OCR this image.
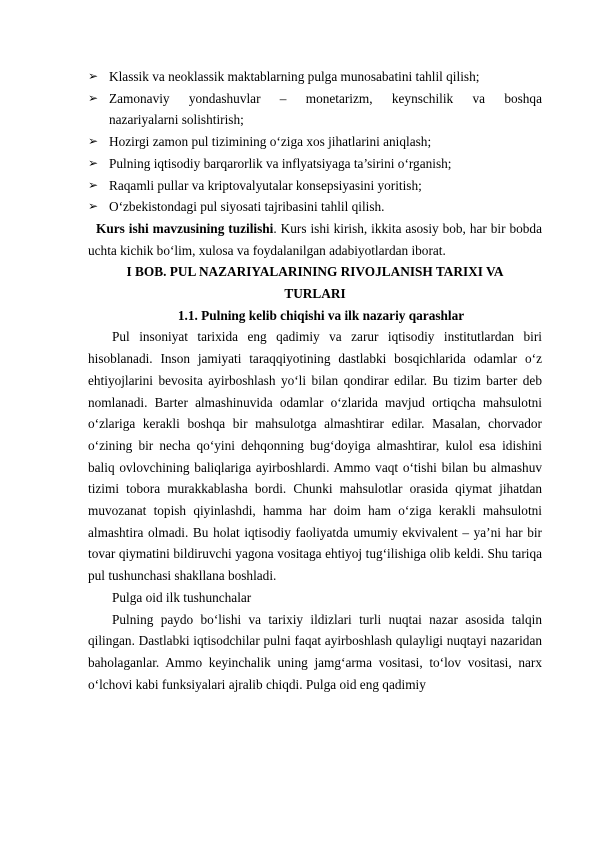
➢ Klassik va neoklassik maktablarning pulga munosabatini tahlil qilish;
➢ Zamonaviy yondashuvlar – monetarizm, keynschilik va boshqa
nazariyalarni solishtirish;
➢ Hozirgi zamon pul tizimining o‘ziga xos jihatlarini aniqlash;
➢ Pulning iqtisodiy barqarorlik va inflyatsiyaga ta’sirini o‘rganish;
➢ Raqamli pullar va kriptovalyutalar konsepsiyasini yoritish;
➢ O‘zbekistondagi pul siyosati tajribasini tahlil qilish.

Kurs ishi mavzusining tuzilishi. Kurs ishi kirish, ikkita asosiy bob, har bir bobda uchta kichik bo‘lim, xulosa va foydalanilgan adabiyotlardan iborat.

I BOB. PUL NAZARIYALARINING RIVOJLANISH TARIXI VA
TURLARI

1.1. Pulning kelib chiqishi va ilk nazariy qarashlar

Pul insoniyat tarixida eng qadimiy va zarur iqtisodiy institutlardan biri hisoblanadi. Inson jamiyati taraqqiyotining dastlabki bosqichlarida odamlar o‘z ehtiyojlarini bevosita ayirboshlash yo‘li bilan qondirar edilar. Bu tizim barter deb nomlanadi. Barter almashinuvida odamlar o‘zlarida mavjud ortiqcha mahsulotni o‘zlariga kerakli boshqa bir mahsulotga almashtirar edilar. Masalan, chorvador o‘zining bir necha qo‘yini dehqonning bug‘doyiga almashtirar, kulol esa idishini baliq ovlovchining baliqlariga ayirboshlardi. Ammo vaqt o‘tishi bilan bu almashuv tizimi tobora murakkablasha bordi. Chunki mahsulotlar orasida qiymat jihatdan muvozanat topish qiyinlashdi, hamma har doim ham o‘ziga kerakli mahsulotni almashtira olmadi. Bu holat iqtisodiy faoliyatda umumiy ekvivalent – ya’ni har bir tovar qiymatini bildiruvchi yagona vositaga ehtiyoj tug‘ilishiga olib keldi. Shu tariqa pul tushunchasi shakllana boshladi.

Pulga oid ilk tushunchalar

Pulning paydo bo‘lishi va tarixiy ildizlari turli nuqtai nazar asosida talqin qilingan. Dastlabki iqtisodchilar pulni faqat ayirboshlash qulayligi nuqtayi nazaridan baholaganlar. Ammo keyinchalik uning jamg‘arma vositasi, to‘lov vositasi, narx o‘lchovi kabi funksiyalari ajralib chiqdi. Pulga oid eng qadimiy
